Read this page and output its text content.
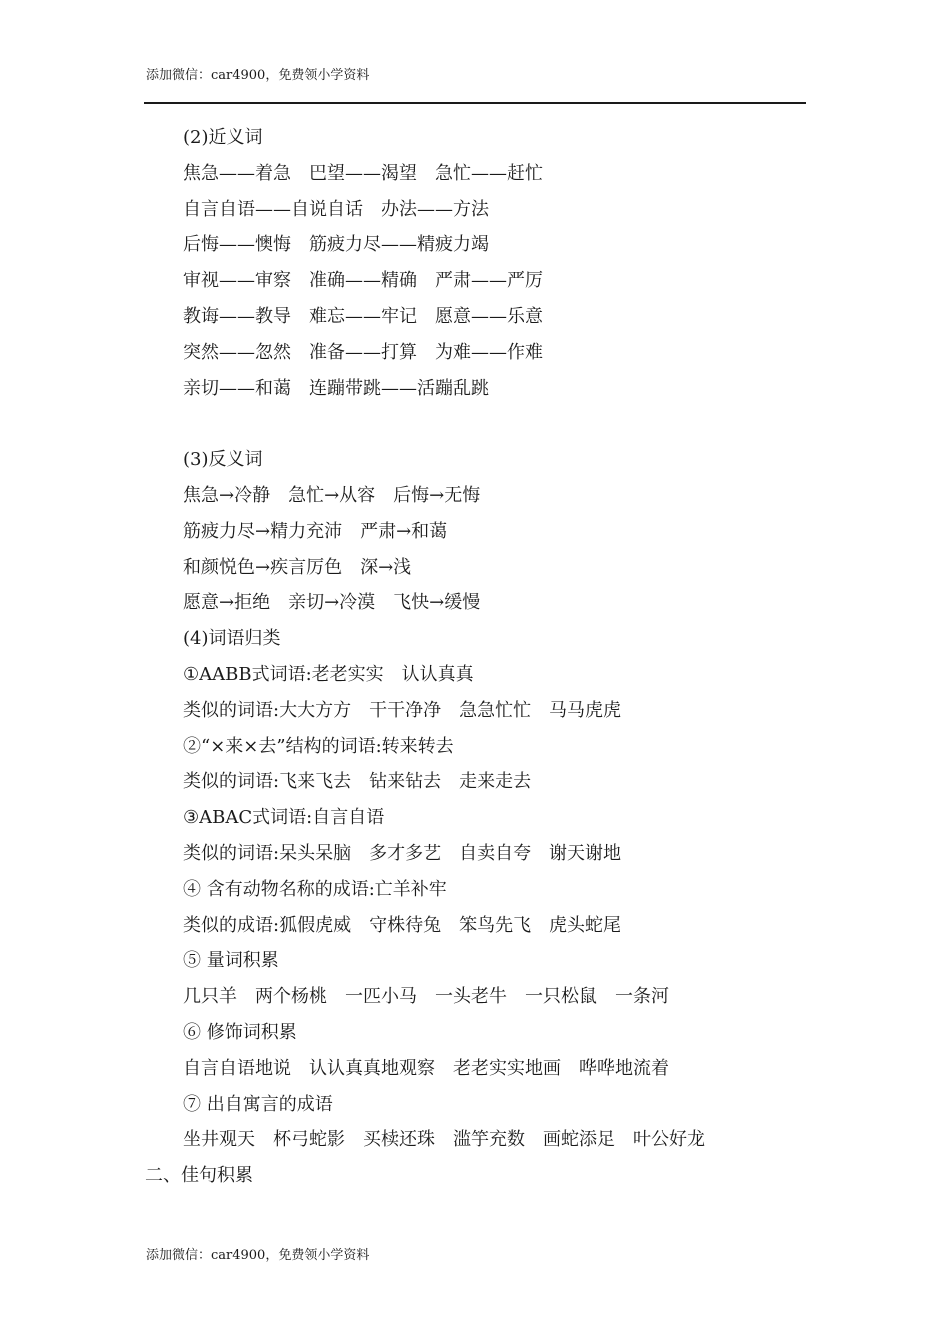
添加微信：car4900，免费领小学资料
(2)近义词
焦急——着急　巴望——渴望　急忙——赶忙
自言自语——自说自话　办法——方法
后悔——懊悔　筋疲力尽——精疲力竭
审视——审察　准确——精确　严肃——严厉
教诲——教导　难忘——牢记　愿意——乐意
突然——忽然　准备——打算　为难——作难
亲切——和蔼　连蹦带跳——活蹦乱跳
(3)反义词
焦急→冷静　急忙→从容　后悔→无悔
筋疲力尽→精力充沛　严肃→和蔼
和颜悦色→疾言厉色　深→浅
愿意→拒绝　亲切→冷漠　飞快→缓慢
(4)词语归类
①AABB式词语:老老实实　认认真真
类似的词语:大大方方　干干净净　急急忙忙　马马虎虎
②“×来×去”结构的词语:转来转去
类似的词语:飞来飞去　钻来钻去　走来走去
③ABAC式词语:自言自语
类似的词语:呆头呆脑　多才多艺　自卖自夸　谢天谢地
④ 含有动物名称的成语:亡羊补牢
类似的成语:狐假虎威　守株待兔　笨鸟先飞　虎头蛇尾
⑤ 量词积累
几只羊　两个杨桃　一匹小马　一头老牛　一只松鼠　一条河
⑥ 修饰词积累
自言自语地说　认认真真地观察　老老实实地画　哗哗地流着
⑦ 出自寓言的成语
坐井观天　杯弓蛇影　买椟还珠　滥竽充数　画蛇添足　叶公好龙
二、佳句积累
添加微信：car4900，免费领小学资料
